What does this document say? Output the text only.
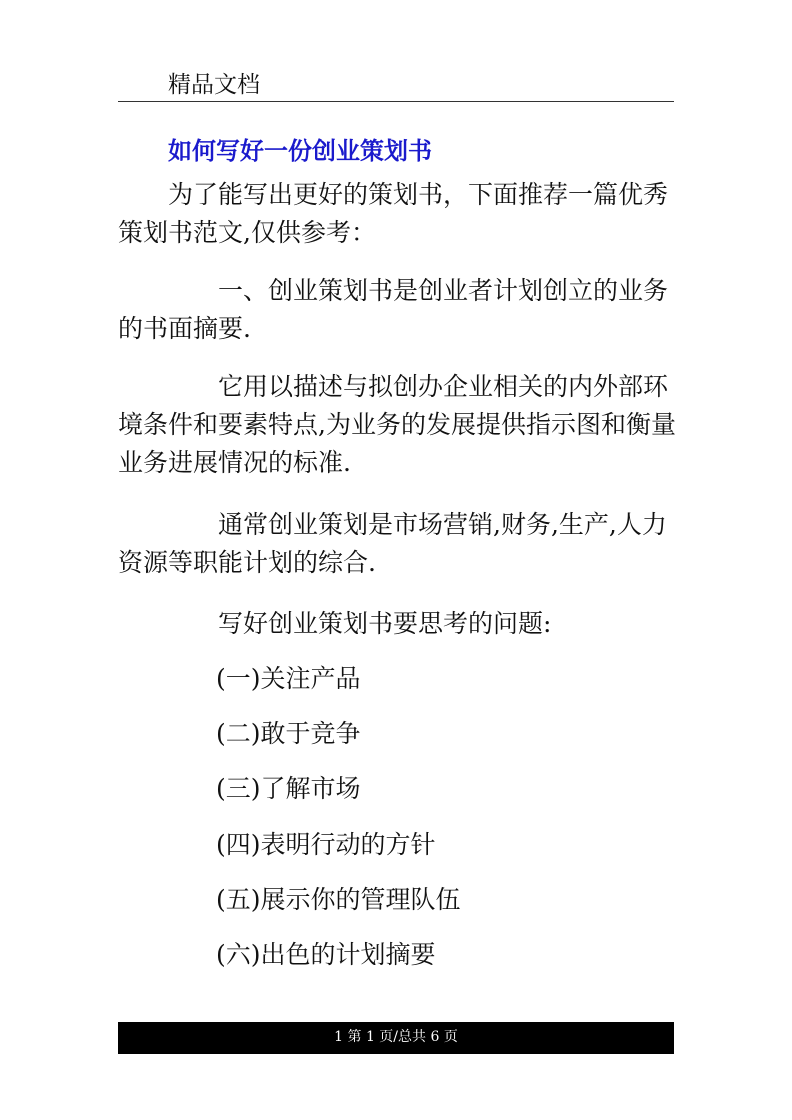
精品文档
如何写好一份创业策划书
为了能写出更好的策划书，下面推荐一篇优秀策划书范文,仅供参考：
一、创业策划书是创业者计划创立的业务的书面摘要.
它用以描述与拟创办企业相关的内外部环境条件和要素特点,为业务的发展提供指示图和衡量业务进展情况的标准.
通常创业策划是市场营销,财务,生产,人力资源等职能计划的综合.
写好创业策划书要思考的问题:
(一)关注产品
(二)敢于竞争
(三)了解市场
(四)表明行动的方针
(五)展示你的管理队伍
(六)出色的计划摘要
1 第 1 页/总共 6 页
